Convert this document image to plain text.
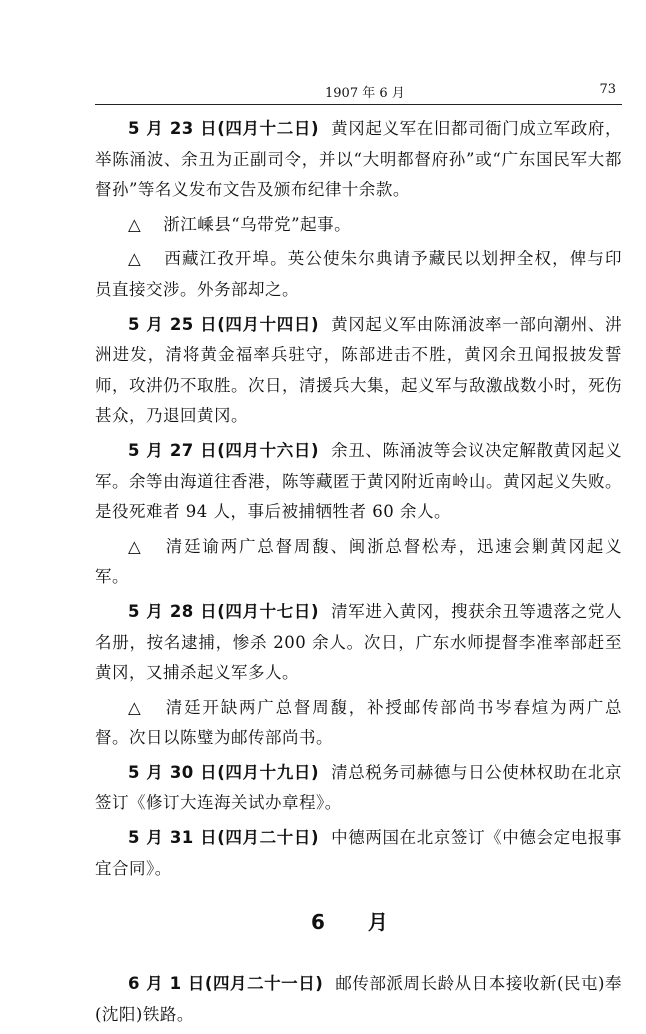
1907 年 6 月	73

5 月 23 日(四月十二日) 黄冈起义军在旧都司衙门成立军政府，举陈涌波、余丑为正副司令，并以“大明都督府孙”或“广东国民军大都督孙”等名义发布文告及颁布纪律十余款。

△ 浙江嵊县“乌带党”起事。

△ 西藏江孜开埠。英公使朱尔典请予藏民以划押全权，俾与印员直接交涉。外务部却之。

5 月 25 日(四月十四日) 黄冈起义军由陈涌波率一部向潮州、汫洲进发，清将黄金福率兵驻守，陈部进击不胜，黄冈余丑闻报披发誓师，攻汫仍不取胜。次日，清援兵大集，起义军与敌激战数小时，死伤甚众，乃退回黄冈。

5 月 27 日(四月十六日) 余丑、陈涌波等会议决定解散黄冈起义军。余等由海道往香港，陈等藏匿于黄冈附近南岭山。黄冈起义失败。是役死难者 94 人，事后被捕牺牲者 60 余人。

△ 清廷谕两广总督周馥、闽浙总督松寿，迅速会剿黄冈起义军。

5 月 28 日(四月十七日) 清军进入黄冈，搜获余丑等遗落之党人名册，按名逮捕，惨杀 200 余人。次日，广东水师提督李准率部赶至黄冈，又捕杀起义军多人。

△ 清廷开缺两广总督周馥，补授邮传部尚书岑春煊为两广总督。次日以陈璧为邮传部尚书。

5 月 30 日(四月十九日) 清总税务司赫德与日公使林权助在北京签订《修订大连海关试办章程》。

5 月 31 日(四月二十日) 中德两国在北京签订《中德会定电报事宜合同》。

6 月

6 月 1 日(四月二十一日) 邮传部派周长龄从日本接收新(民屯)奉(沈阳)铁路。
